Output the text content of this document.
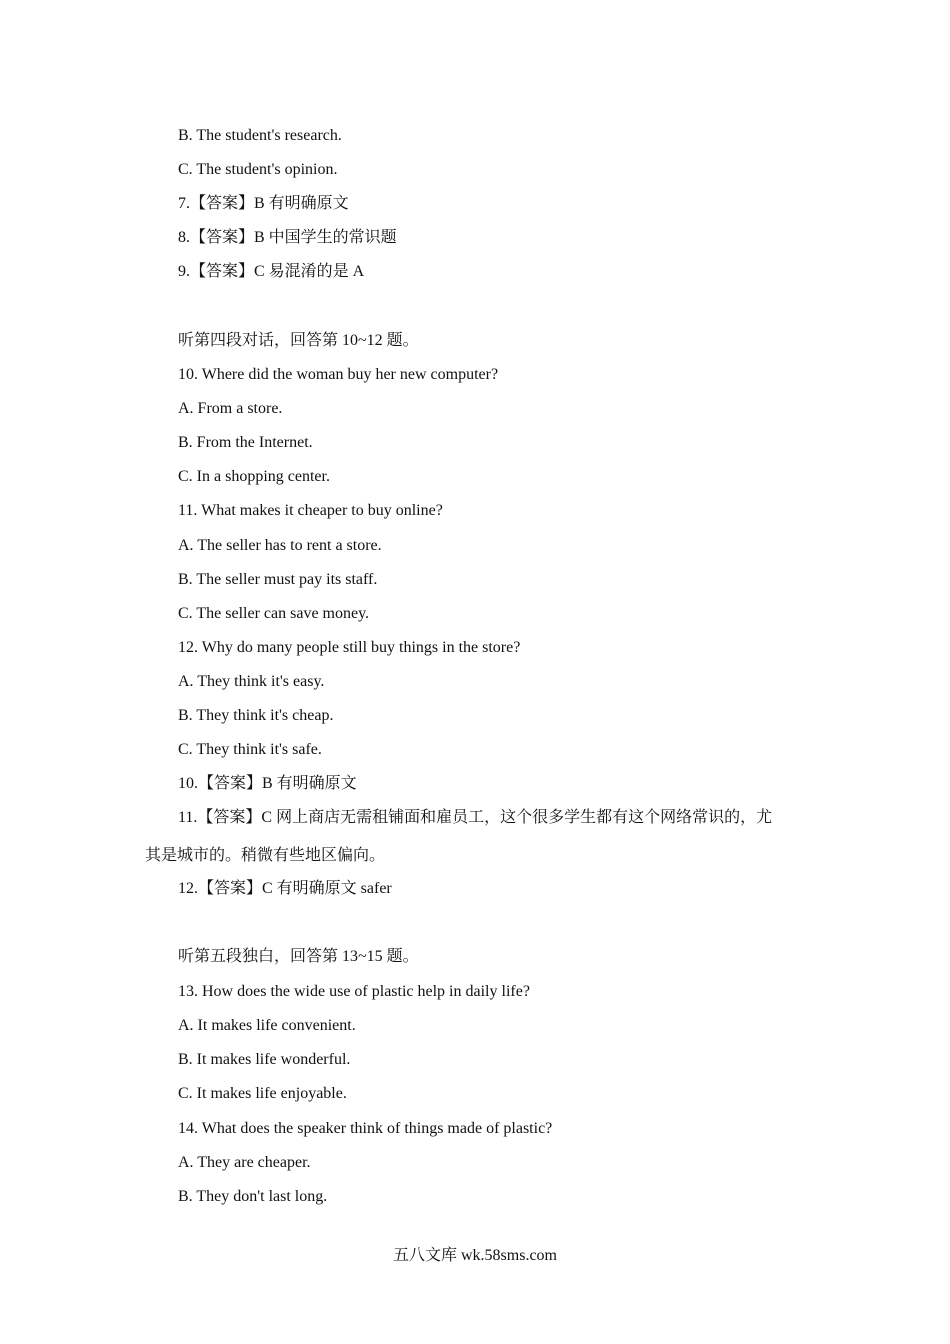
B. The student's research.
C. The student's opinion.
7.【答案】B 有明确原文
8.【答案】B 中国学生的常识题
9.【答案】C 易混淆的是 A
听第四段对话，回答第 10~12 题。
10. Where did the woman buy her new computer?
A. From a store.
B. From the Internet.
C. In a shopping center.
11. What makes it cheaper to buy online?
A. The seller has to rent a store.
B. The seller must pay its staff.
C. The seller can save money.
12. Why do many people still buy things in the store?
A. They think it's easy.
B. They think it's cheap.
C. They think it's safe.
10.【答案】B 有明确原文
11.【答案】C 网上商店无需租铺面和雇员工，这个很多学生都有这个网络常识的，尤
其是城市的。稍微有些地区偏向。
12.【答案】C 有明确原文 safer
听第五段独白，回答第 13~15 题。
13. How does the wide use of plastic help in daily life?
A. It makes life convenient.
B. It makes life wonderful.
C. It makes life enjoyable.
14. What does the speaker think of things made of plastic?
A. They are cheaper.
B. They don't last long.
五八文库 wk.58sms.com
